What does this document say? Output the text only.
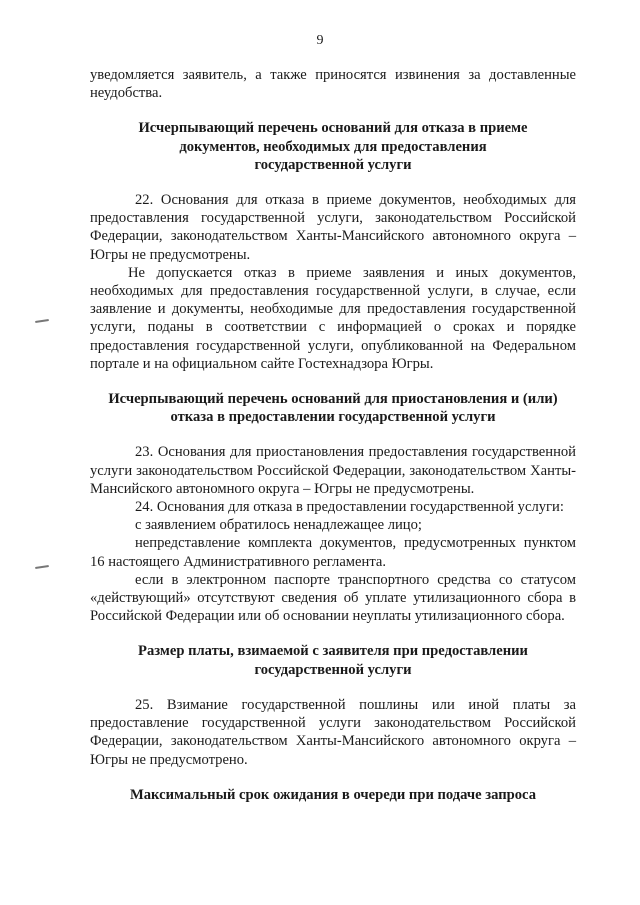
9

уведомляется заявитель, а также приносятся извинения за доставленные неудобства.

Исчерпывающий перечень оснований для отказа в приеме документов, необходимых для предоставления государственной услуги

22. Основания для отказа в приеме документов, необходимых для предоставления государственной услуги, законодательством Российской Федерации, законодательством Ханты-Мансийского автономного округа – Югры не предусмотрены.

Не допускается отказ в приеме заявления и иных документов, необходимых для предоставления государственной услуги, в случае, если заявление и документы, необходимые для предоставления государственной услуги, поданы в соответствии с информацией о сроках и порядке предоставления государственной услуги, опубликованной на Федеральном портале и на официальном сайте Гостехнадзора Югры.

Исчерпывающий перечень оснований для приостановления и (или) отказа в предоставлении государственной услуги

23. Основания для приостановления предоставления государственной услуги законодательством Российской Федерации, законодательством Ханты-Мансийского автономного округа – Югры не предусмотрены.

24. Основания для отказа в предоставлении государственной услуги:

с заявлением обратилось ненадлежащее лицо;

непредставление комплекта документов, предусмотренных пунктом 16 настоящего Административного регламента.

если в электронном паспорте транспортного средства со статусом «действующий» отсутствуют сведения об уплате утилизационного сбора в Российской Федерации или об основании неуплаты утилизационного сбора.

Размер платы, взимаемой с заявителя при предоставлении государственной услуги

25. Взимание государственной пошлины или иной платы за предоставление государственной услуги законодательством Российской Федерации, законодательством Ханты-Мансийского автономного округа – Югры не предусмотрено.

Максимальный срок ожидания в очереди при подаче запроса
